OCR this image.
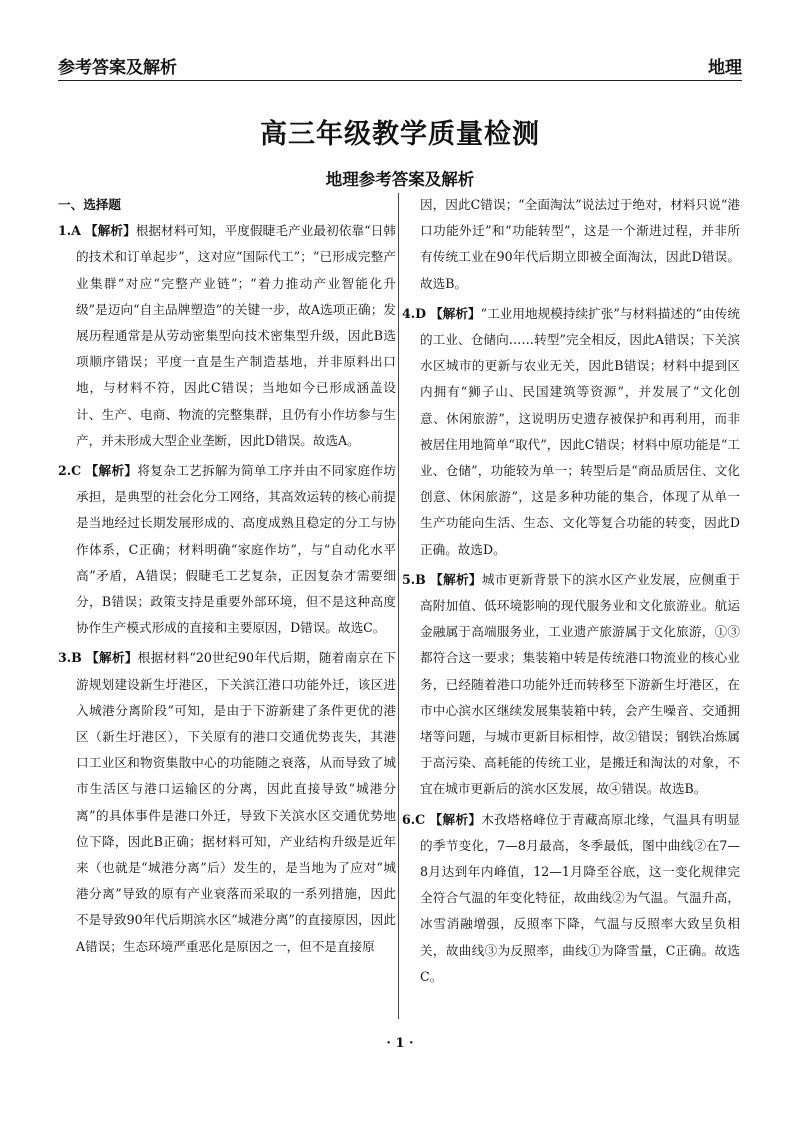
参考答案及解析	地理
高三年级教学质量检测
地理参考答案及解析
一、选择题

1.A 【解析】根据材料可知，平度假睫毛产业最初依靠“日韩的技术和订单起步”，这对应“国际代工”；“已形成完整产业集群”对应“完整产业链”；“着力推动产业智能化升级”是迈向“自主品牌塑造”的关键一步，故A选项正确；发展历程通常是从劳动密集型向技术密集型升级，因此B选项顺序错误；平度一直是生产制造基地，并非原料出口地，与材料不符，因此C错误；当地如今已形成涵盖设计、生产、电商、物流的完整集群，且仍有小作坊参与生产，并未形成大型企业垄断，因此D错误。故选A。

2.C 【解析】将复杂工艺拆解为简单工序并由不同家庭作坊承担，是典型的社会化分工网络，其高效运转的核心前提是当地经过长期发展形成的、高度成熟且稳定的分工与协作体系，C正确；材料明确“家庭作坊”，与“自动化水平高”矛盾，A错误；假睫毛工艺复杂，正因复杂才需要细分，B错误；政策支持是重要外部环境，但不是这种高度协作生产模式形成的直接和主要原因，D错误。故选C。

3.B 【解析】根据材料“20世纪90年代后期，随着南京在下游规划建设新生圩港区，下关滨江港口功能外迁，该区进入城港分离阶段”可知，是由于下游新建了条件更优的港区（新生圩港区），下关原有的港口交通优势丧失，其港口工业区和物资集散中心的功能随之衰落，从而导致了城市生活区与港口运输区的分离，因此直接导致“城港分离”的具体事件是港口外迁，导致下关滨水区交通优势地位下降，因此B正确；据材料可知，产业结构升级是近年来（也就是“城港分离”后）发生的，是当地为了应对“城港分离”导致的原有产业衰落而采取的一系列措施，因此不是导致90年代后期滨水区“城港分离”的直接原因，因此A错误；生态环境严重恶化是原因之一，但不是直接原

因，因此C错误；“全面淘汰”说法过于绝对，材料只说“港口功能外迁”和“功能转型”，这是一个渐进过程，并非所有传统工业在90年代后期立即被全面淘汰，因此D错误。故选B。

4.D 【解析】“工业用地规模持续扩张”与材料描述的“由传统的工业、仓储向……转型”完全相反，因此A错误；下关滨水区城市的更新与农业无关，因此B错误；材料中提到区内拥有“狮子山、民国建筑等资源”，并发展了“文化创意、休闲旅游”，这说明历史遗存被保护和再利用，而非被居住用地简单“取代”，因此C错误；材料中原功能是“工业、仓储”，功能较为单一；转型后是“商品质居住、文化创意、休闲旅游”，这是多种功能的集合，体现了从单一生产功能向生活、生态、文化等复合功能的转变，因此D正确。故选D。

5.B 【解析】城市更新背景下的滨水区产业发展，应侧重于高附加值、低环境影响的现代服务业和文化旅游业。航运金融属于高端服务业，工业遗产旅游属于文化旅游，①③都符合这一要求；集装箱中转是传统港口物流业的核心业务，已经随着港口功能外迁而转移至下游新生圩港区，在市中心滨水区继续发展集装箱中转，会产生噪音、交通拥堵等问题，与城市更新目标相悖，故②错误；钢铁冶炼属于高污染、高耗能的传统工业，是搬迁和淘汰的对象，不宜在城市更新后的滨水区发展，故④错误。故选B。

6.C 【解析】木孜塔格峰位于青藏高原北缘，气温具有明显的季节变化，7—8月最高，冬季最低，图中曲线②在7—8月达到年内峰值，12—1月降至谷底，这一变化规律完全符合气温的年变化特征，故曲线②为气温。气温升高，冰雪消融增强，反照率下降，气温与反照率大致呈负相关，故曲线③为反照率，曲线①为降雪量，C正确。故选C。

· 1 ·
